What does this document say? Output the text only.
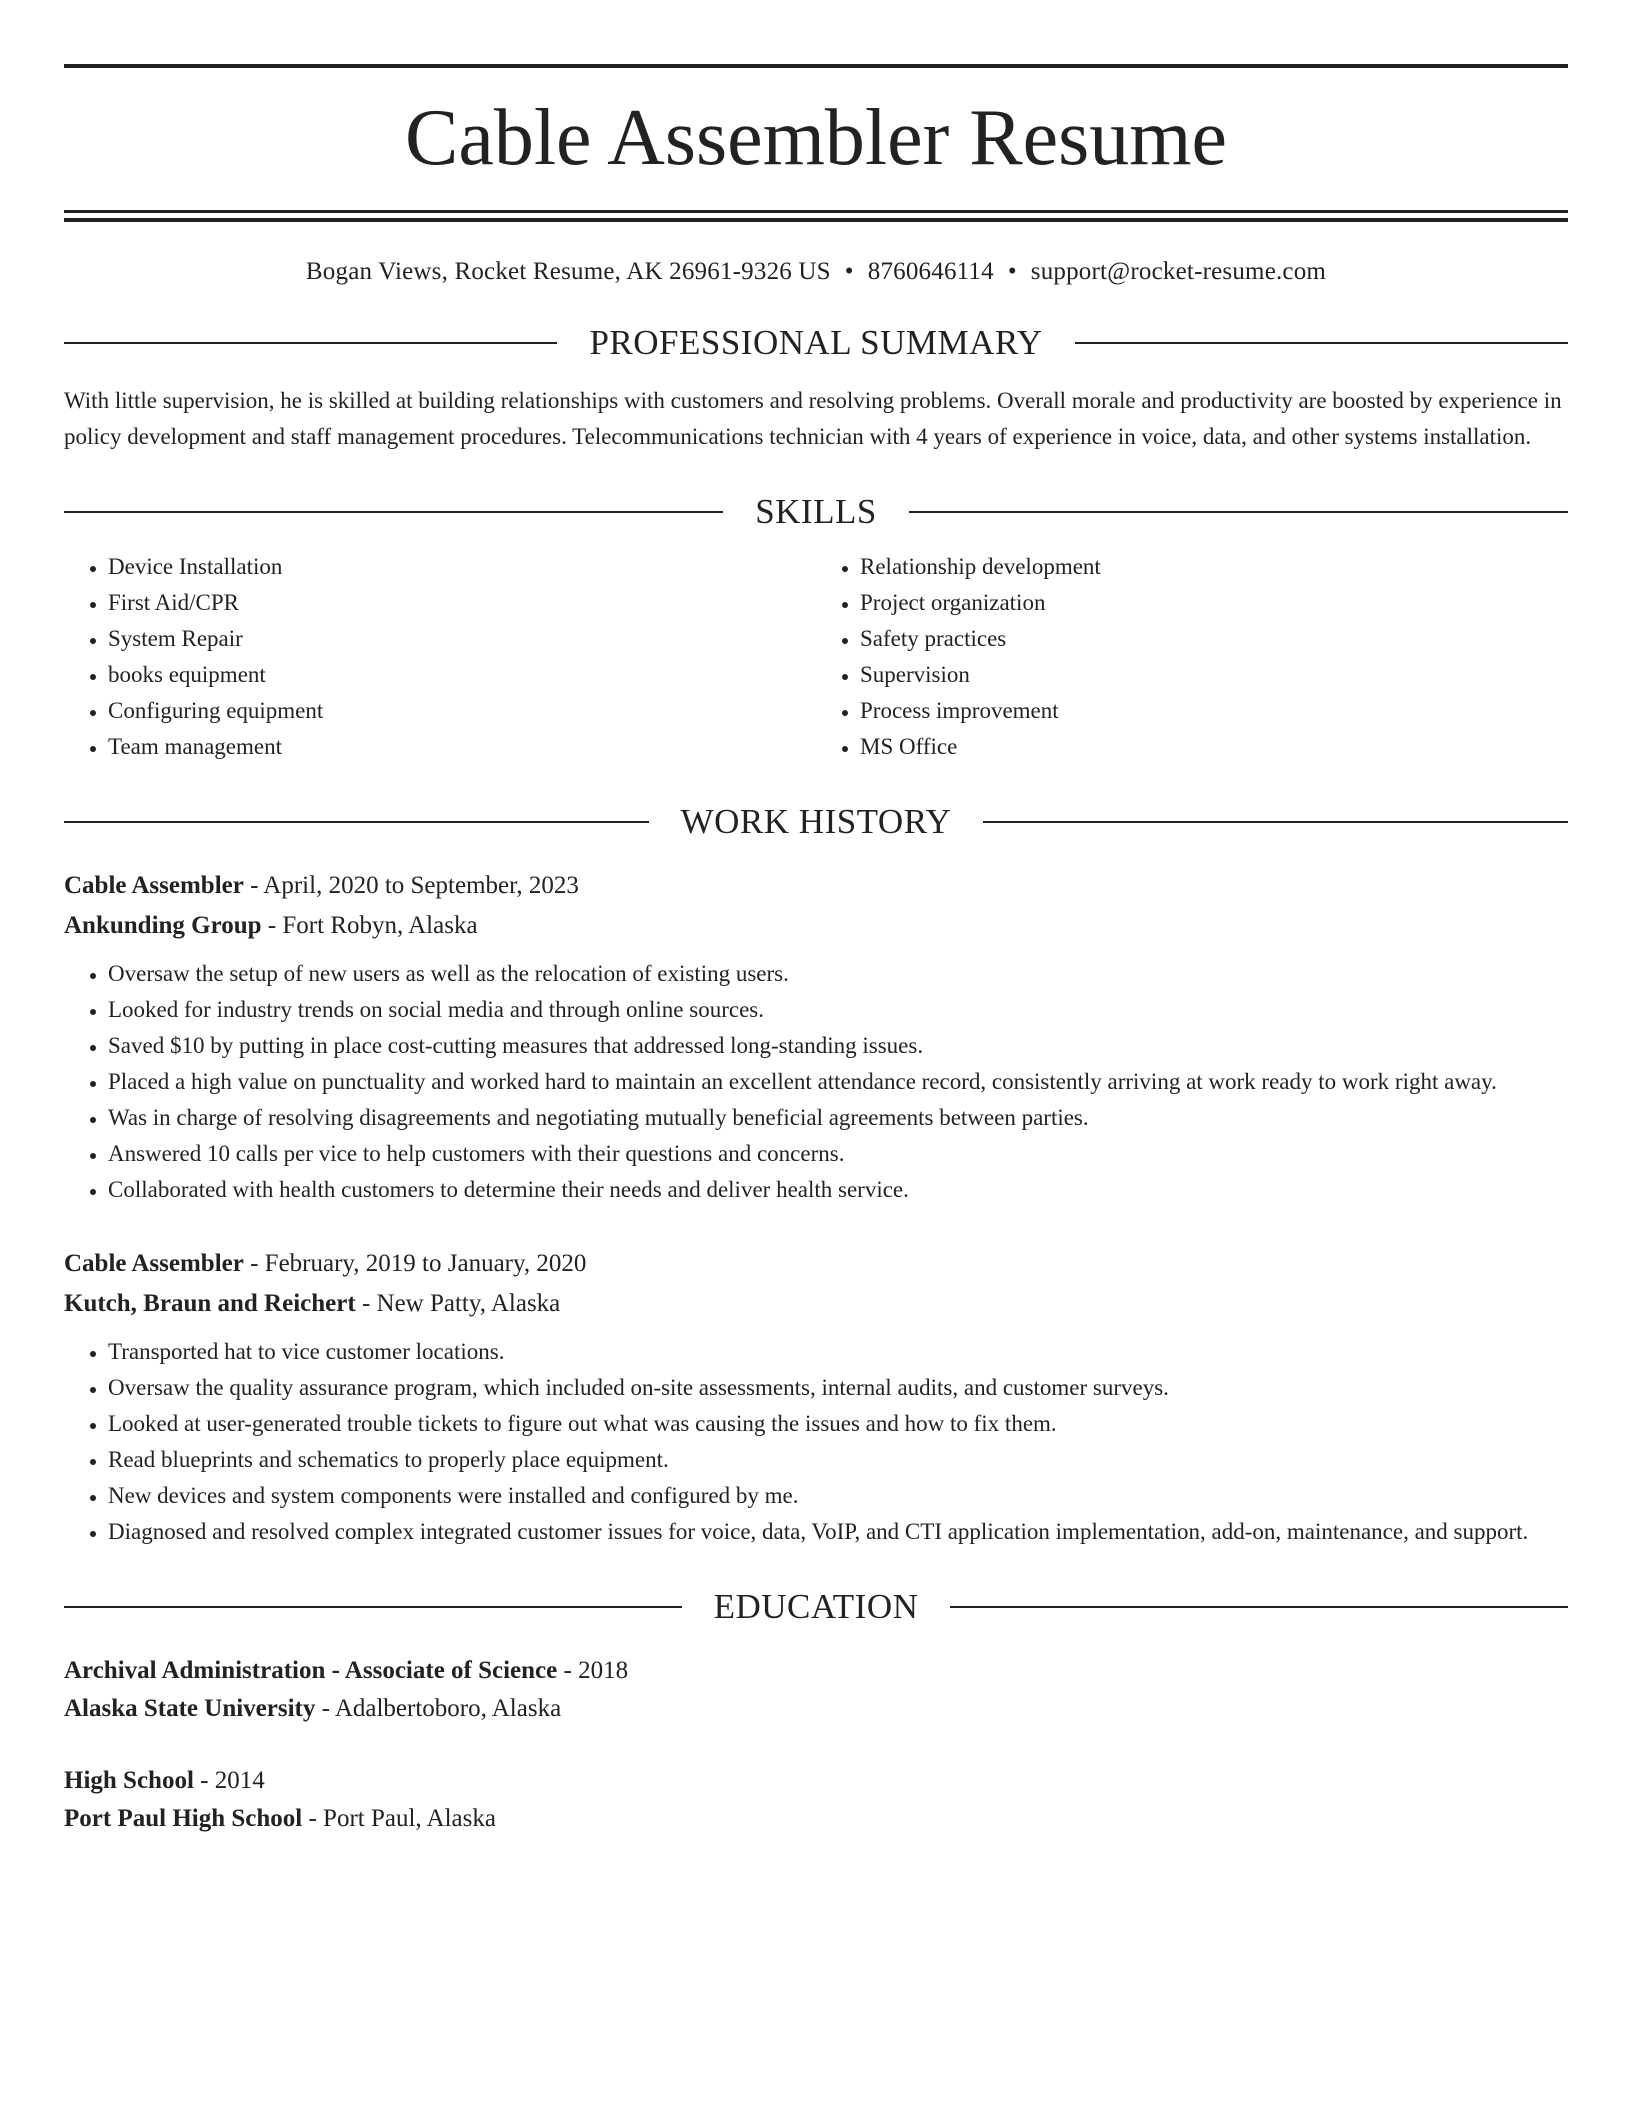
Cable Assembler Resume
Bogan Views, Rocket Resume, AK 26961-9326 US • 8760646114 • support@rocket-resume.com
PROFESSIONAL SUMMARY

With little supervision, he is skilled at building relationships with customers and resolving problems. Overall morale and productivity are boosted by experience in policy development and staff management procedures. Telecommunications technician with 4 years of experience in voice, data, and other systems installation.

SKILLS
• Device Installation
• First Aid/CPR
• System Repair
• books equipment
• Configuring equipment
• Team management
• Relationship development
• Project organization
• Safety practices
• Supervision
• Process improvement
• MS Office
WORK HISTORY
Cable Assembler - April, 2020 to September, 2023
Ankunding Group - Fort Robyn, Alaska
• Oversaw the setup of new users as well as the relocation of existing users.
• Looked for industry trends on social media and through online sources.
• Saved $10 by putting in place cost-cutting measures that addressed long-standing issues.
• Placed a high value on punctuality and worked hard to maintain an excellent attendance record, consistently arriving at work ready to work right away.
• Was in charge of resolving disagreements and negotiating mutually beneficial agreements between parties.
• Answered 10 calls per vice to help customers with their questions and concerns.
• Collaborated with health customers to determine their needs and deliver health service.
Cable Assembler - February, 2019 to January, 2020
Kutch, Braun and Reichert - New Patty, Alaska
• Transported hat to vice customer locations.
• Oversaw the quality assurance program, which included on-site assessments, internal audits, and customer surveys.
• Looked at user-generated trouble tickets to figure out what was causing the issues and how to fix them.
• Read blueprints and schematics to properly place equipment.
• New devices and system components were installed and configured by me.
• Diagnosed and resolved complex integrated customer issues for voice, data, VoIP, and CTI application implementation, add-on, maintenance, and support.
EDUCATION
Archival Administration - Associate of Science - 2018
Alaska State University - Adalbertoboro, Alaska
High School - 2014
Port Paul High School - Port Paul, Alaska
